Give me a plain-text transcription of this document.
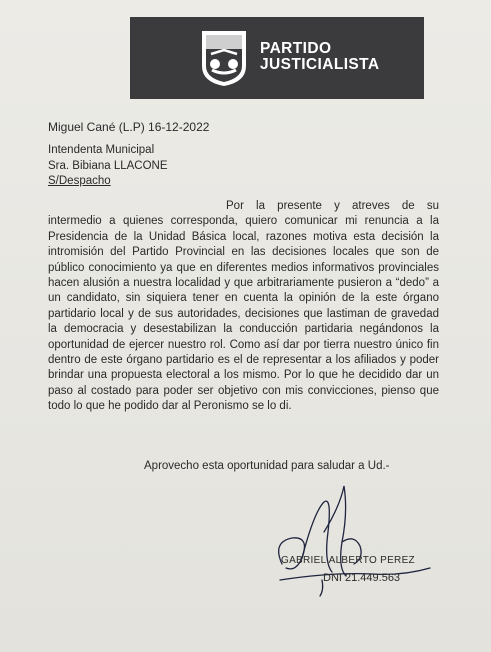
PARTIDO
JUSTICIALISTA
Miguel Cané (L.P) 16-12-2022
Intendenta Municipal
Sra. Bibiana LLACONE
S/Despacho

Por la presente y atreves de su intermedio a quienes corresponda, quiero comunicar mi renuncia a la Presidencia de la Unidad Básica local, razones motiva esta decisión la intromisión del Partido Provincial en las decisiones locales que son de público conocimiento ya que en diferentes medios informativos provinciales hacen alusión a nuestra localidad y que arbitrariamente pusieron a “dedo” a un candidato, sin siquiera tener en cuenta la opinión de la este órgano partidario local y de sus autoridades, decisiones que lastiman de gravedad la democracia y desestabilizan la conducción partidaria negándonos la oportunidad de ejercer nuestro rol. Como así dar por tierra nuestro único fin dentro de este órgano partidario es el de representar a los afiliados y poder brindar una propuesta electoral a los mismo. Por lo que he decidido dar un paso al costado para poder ser objetivo con mis convicciones, pienso que todo lo que he podido dar al Peronismo se lo di.

Aprovecho esta oportunidad para saludar a Ud.-
GABRIEL ALBERTO PEREZ
DNI 21.449.563
